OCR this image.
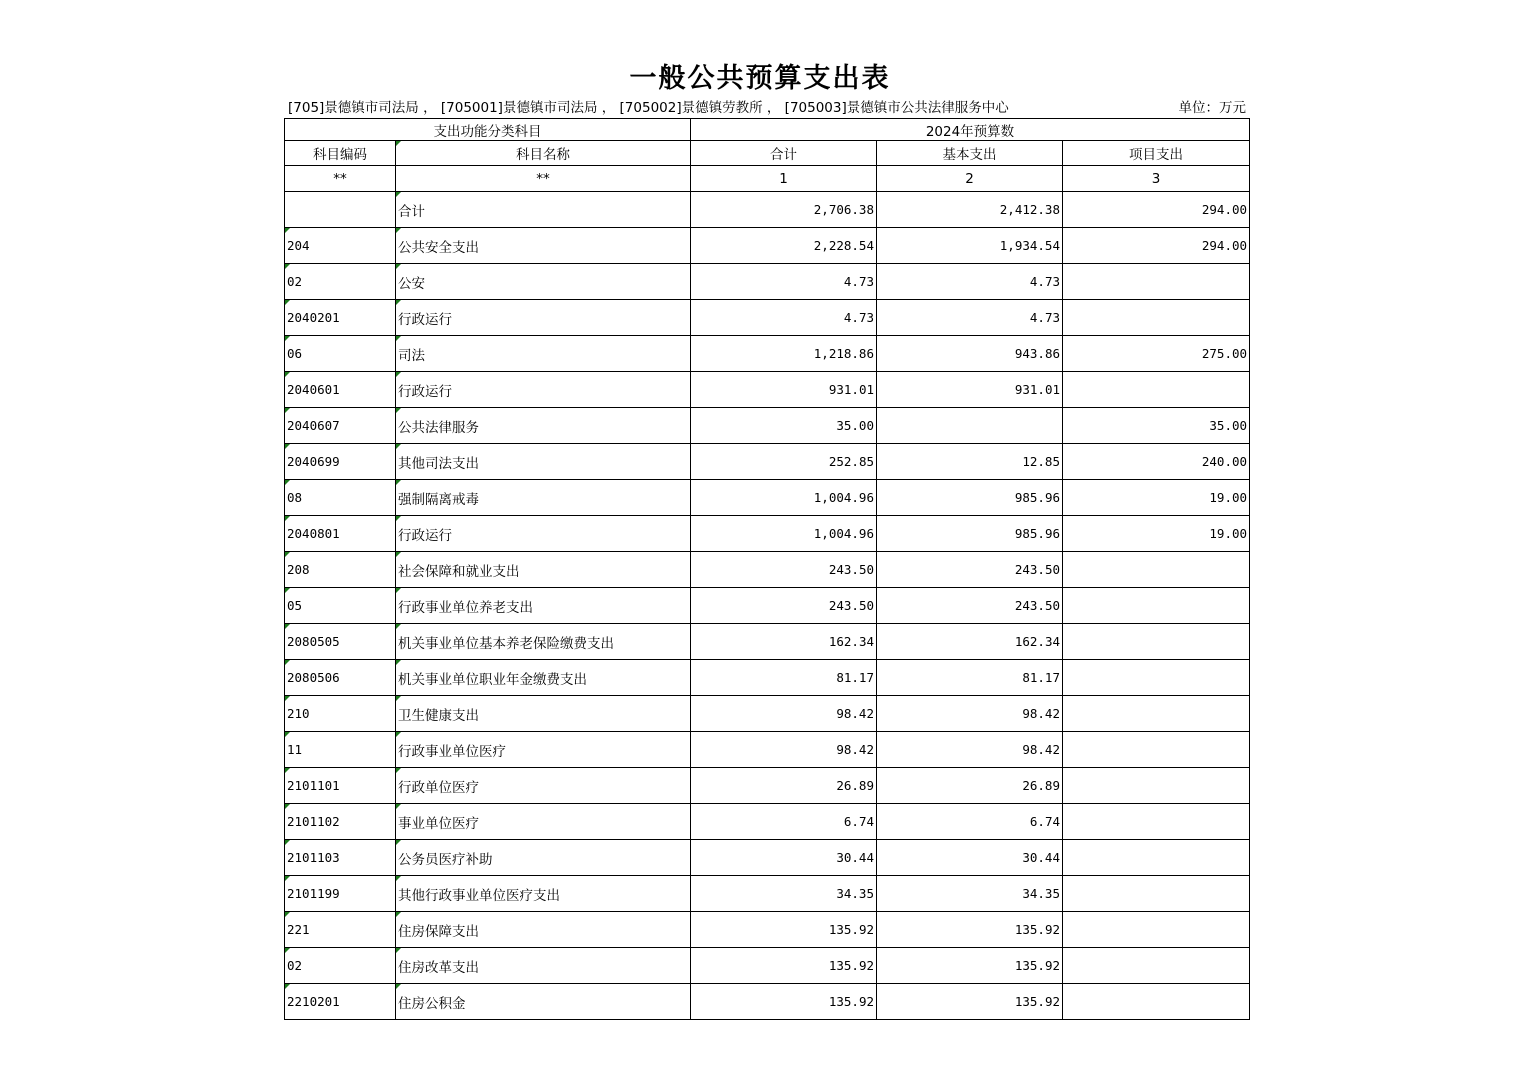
一般公共预算支出表
[705]景德镇市司法局 ， [705001]景德镇市司法局 ， [705002]景德镇劳教所 ， [705003]景德镇市公共法律服务中心	单位：万元
支出功能分类科目		2024年预算数		
科目编码	科目名称	合计	基本支出	项目支出
**	**	1	2	3
	合计	2,706.38	2,412.38	294.00
204	公共安全支出	2,228.54	1,934.54	294.00
02	公安	4.73	4.73	
2040201	行政运行	4.73	4.73	
06	司法	1,218.86	943.86	275.00
2040601	行政运行	931.01	931.01	
2040607	公共法律服务	35.00		35.00
2040699	其他司法支出	252.85	12.85	240.00
08	强制隔离戒毒	1,004.96	985.96	19.00
2040801	行政运行	1,004.96	985.96	19.00
208	社会保障和就业支出	243.50	243.50	
05	行政事业单位养老支出	243.50	243.50	
2080505	机关事业单位基本养老保险缴费支出	162.34	162.34	
2080506	机关事业单位职业年金缴费支出	81.17	81.17	
210	卫生健康支出	98.42	98.42	
11	行政事业单位医疗	98.42	98.42	
2101101	行政单位医疗	26.89	26.89	
2101102	事业单位医疗	6.74	6.74	
2101103	公务员医疗补助	30.44	30.44	
2101199	其他行政事业单位医疗支出	34.35	34.35	
221	住房保障支出	135.92	135.92	
02	住房改革支出	135.92	135.92	
2210201	住房公积金	135.92	135.92	
